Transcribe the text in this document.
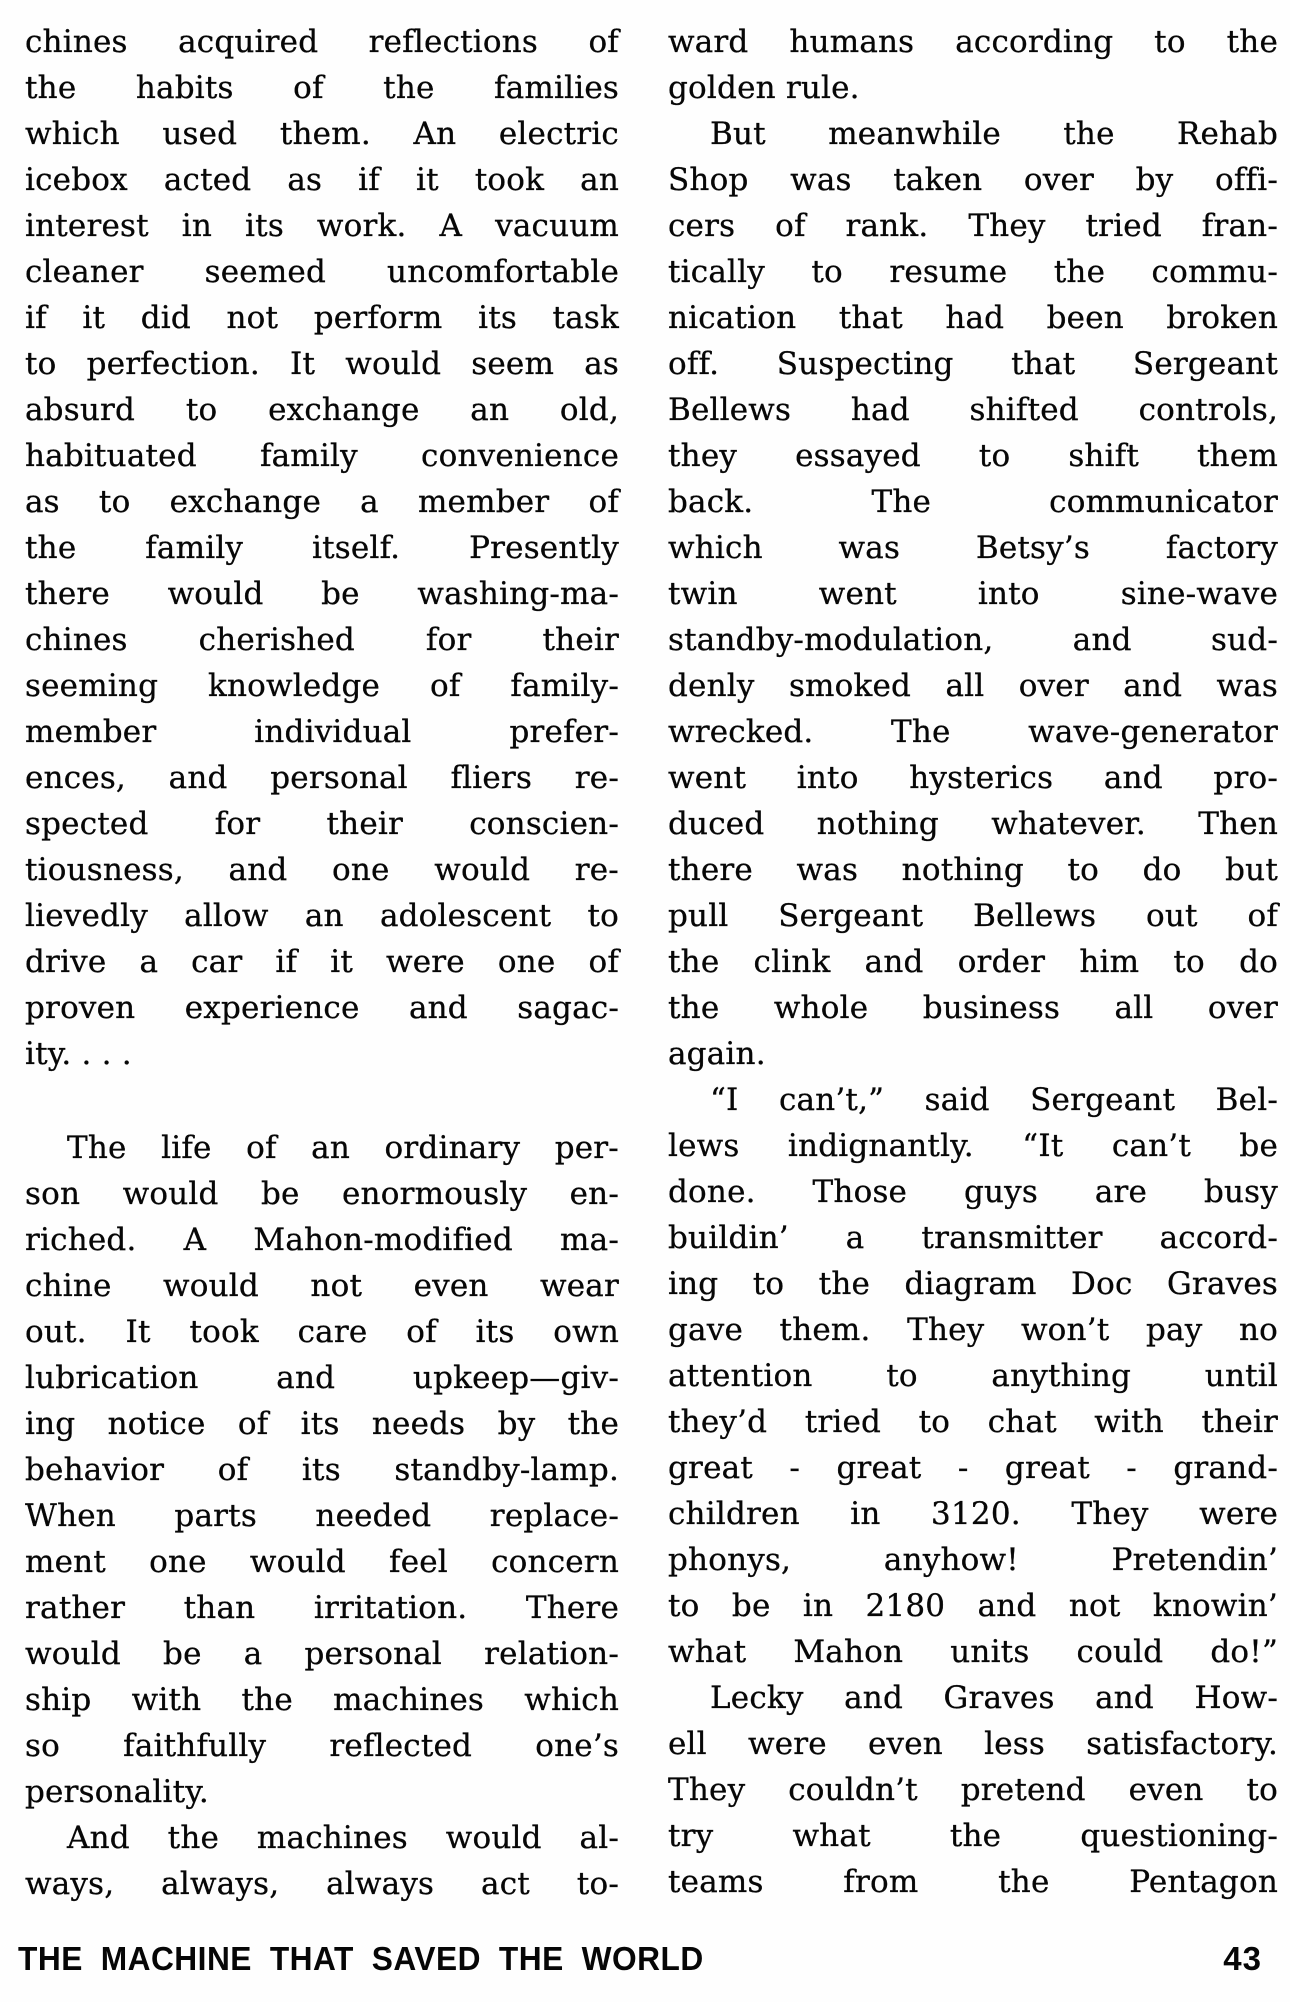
chines acquired reflections of
the habits of the families
which used them. An electric
icebox acted as if it took an
interest in its work. A vacuum
cleaner seemed uncomfortable
if it did not perform its task
to perfection. It would seem as
absurd to exchange an old,
habituated family convenience
as to exchange a member of
the family itself. Presently
there would be washing-ma-
chines cherished for their
seeming knowledge of family-
member individual prefer-
ences, and personal fliers re-
spected for their conscien-
tiousness, and one would re-
lievedly allow an adolescent to
drive a car if it were one of
proven experience and sagac-
ity. . . .
The life of an ordinary per-
son would be enormously en-
riched. A Mahon-modified ma-
chine would not even wear
out. It took care of its own
lubrication and upkeep—giv-
ing notice of its needs by the
behavior of its standby-lamp.
When parts needed replace-
ment one would feel concern
rather than irritation. There
would be a personal relation-
ship with the machines which
so faithfully reflected one’s
personality.
And the machines would al-
ways, always, always act to-
ward humans according to the
golden rule.
But meanwhile the Rehab
Shop was taken over by offi-
cers of rank. They tried fran-
tically to resume the commu-
nication that had been broken
off. Suspecting that Sergeant
Bellews had shifted controls,
they essayed to shift them
back. The communicator
which was Betsy’s factory
twin went into sine-wave
standby-modulation, and sud-
denly smoked all over and was
wrecked. The wave-generator
went into hysterics and pro-
duced nothing whatever. Then
there was nothing to do but
pull Sergeant Bellews out of
the clink and order him to do
the whole business all over
again.
“I can’t,” said Sergeant Bel-
lews indignantly. “It can’t be
done. Those guys are busy
buildin’ a transmitter accord-
ing to the diagram Doc Graves
gave them. They won’t pay no
attention to anything until
they’d tried to chat with their
great - great - great - grand-
children in 3120. They were
phonys, anyhow! Pretendin’
to be in 2180 and not knowin’
what Mahon units could do!”
Lecky and Graves and How-
ell were even less satisfactory.
They couldn’t pretend even to
try what the questioning-
teams from the Pentagon
THE MACHINE THAT SAVED THE WORLD	43
